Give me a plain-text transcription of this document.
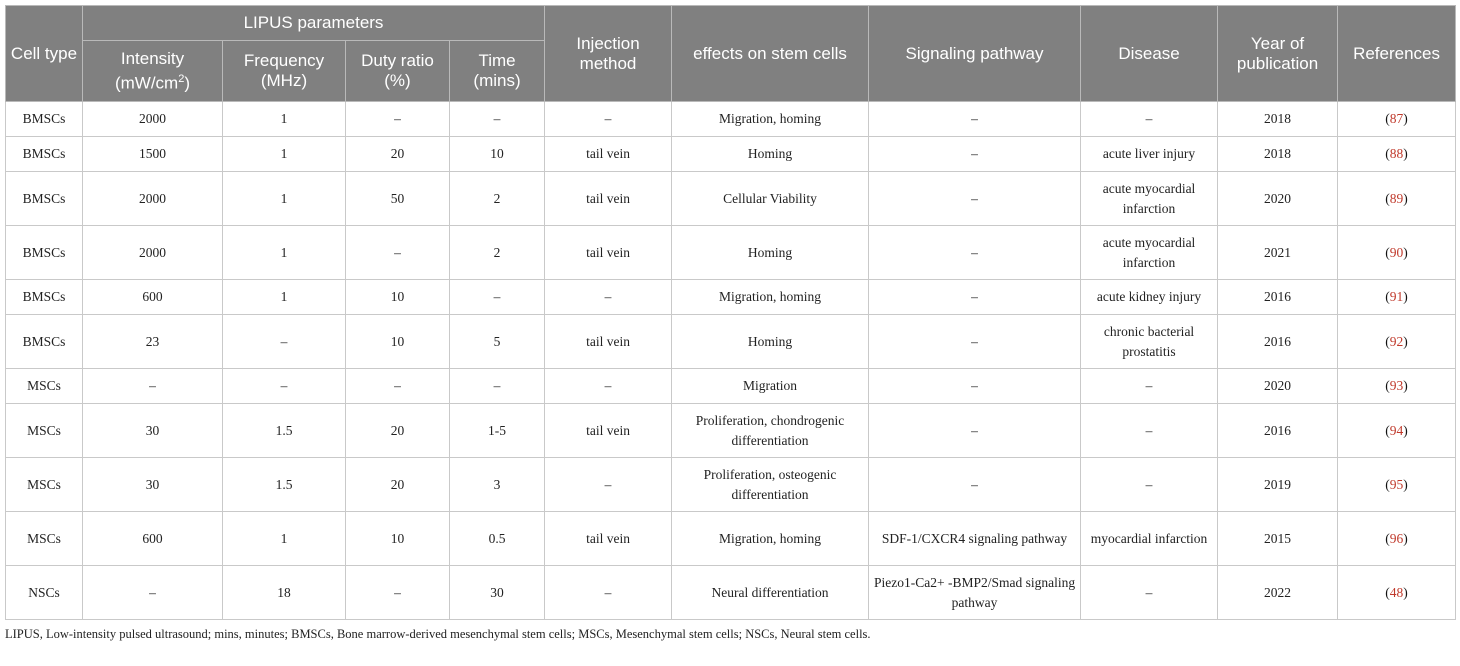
Cell type	LIPUS parameters				Injection method	effects on stem cells	Signaling pathway	Disease	Year of publication	References
	Intensity $(mW/cm^2)$	Frequency (MHz)	Duty ratio (%)	Time (mins)						
BMSCs	2000	1	–	–	–	Migration, homing	–	–	2018	(87)
BMSCs	1500	1	20	10	tail vein	Homing	–	acute liver injury	2018	(88)
BMSCs	2000	1	50	2	tail vein	Cellular Viability	–	acute myocardial infarction	2020	(89)
BMSCs	2000	1	–	2	tail vein	Homing	–	acute myocardial infarction	2021	(90)
BMSCs	600	1	10	–	–	Migration, homing	–	acute kidney injury	2016	(91)
BMSCs	23	–	10	5	tail vein	Homing	–	chronic bacterial prostatitis	2016	(92)
MSCs	–	–	–	–	–	Migration	–	–	2020	(93)
MSCs	30	1.5	20	1-5	tail vein	Proliferation, chondrogenic differentiation	–	–	2016	(94)
MSCs	30	1.5	20	3	–	Proliferation, osteogenic differentiation	–	–	2019	(95)
MSCs	600	1	10	0.5	tail vein	Migration, homing	SDF-1/CXCR4 signaling pathway	myocardial infarction	2015	(96)
NSCs	–	18	–	30	–	Neural differentiation	Piezo1-Ca2+ -BMP2/Smad signaling pathway	–	2022	(48)
LIPUS, Low-intensity pulsed ultrasound; mins, minutes; BMSCs, Bone marrow-derived mesenchymal stem cells; MSCs, Mesenchymal stem cells; NSCs, Neural stem cells.
